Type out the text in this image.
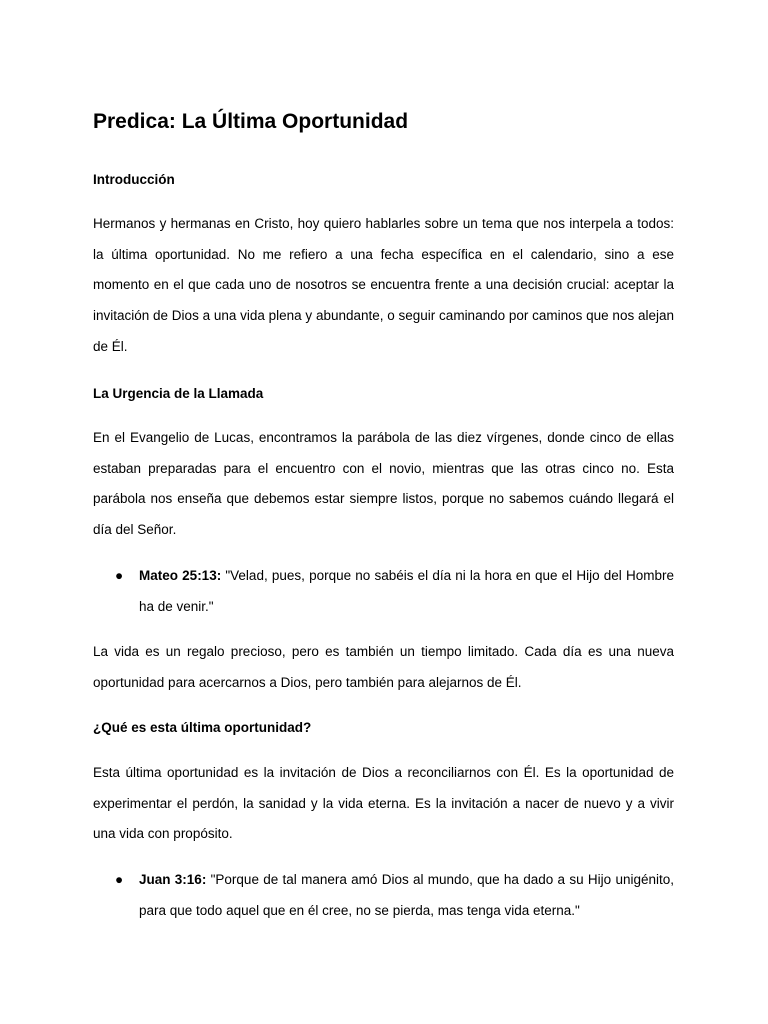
Predica: La Última Oportunidad
Introducción

Hermanos y hermanas en Cristo, hoy quiero hablarles sobre un tema que nos interpela a todos: la última oportunidad. No me refiero a una fecha específica en el calendario, sino a ese momento en el que cada uno de nosotros se encuentra frente a una decisión crucial: aceptar la invitación de Dios a una vida plena y abundante, o seguir caminando por caminos que nos alejan de Él.

La Urgencia de la Llamada

En el Evangelio de Lucas, encontramos la parábola de las diez vírgenes, donde cinco de ellas estaban preparadas para el encuentro con el novio, mientras que las otras cinco no. Esta parábola nos enseña que debemos estar siempre listos, porque no sabemos cuándo llegará el día del Señor.

● Mateo 25:13: "Velad, pues, porque no sabéis el día ni la hora en que el Hijo del Hombre ha de venir."

La vida es un regalo precioso, pero es también un tiempo limitado. Cada día es una nueva oportunidad para acercarnos a Dios, pero también para alejarnos de Él.

¿Qué es esta última oportunidad?

Esta última oportunidad es la invitación de Dios a reconciliarnos con Él. Es la oportunidad de experimentar el perdón, la sanidad y la vida eterna. Es la invitación a nacer de nuevo y a vivir una vida con propósito.

● Juan 3:16: "Porque de tal manera amó Dios al mundo, que ha dado a su Hijo unigénito, para que todo aquel que en él cree, no se pierda, mas tenga vida eterna."
